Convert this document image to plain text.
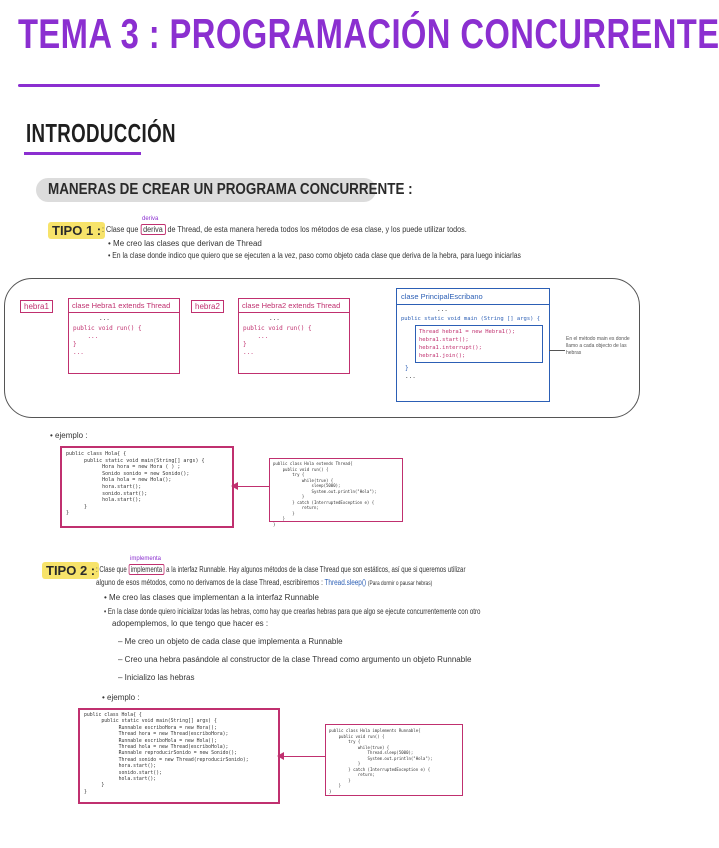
TEMA 3 : PROGRAMACIÓN CONCURRENTE
INTRODUCCIÓN
MANERAS DE CREAR UN PROGRAMA CONCURRENTE :
deriva
TIPO 1 : : Clase que deriva de Thread, de esta manera hereda todos los métodos de esa clase, y los puede utilizar todos.
• Me creo las clases que derivan de Thread
• En la clase donde indico que quiero que se ejecuten a la vez, paso como objeto cada clase que deriva de la hebra, para luego iniciarlas
hebra1	clase Hebra1 extends Thread
...
public void run() {
...
}
...
hebra2	clase Hebra2 extends Thread
...
public void run() {
...
}
...
clase PrincipalEscribano
...
public static void main (String [] args) {
Thread hebra1 = new Hebra1();
hebra1.start();
hebra1.interrupt();
hebra1.join();
}
...
En el método main es donde llamo a cada objecto de las hebras
• ejemplo :
public class Hola{ {
public static void main(String[] args) {
Hora hora = new Hora ( ) ;
Sonido sonido = new Sonido();
Hola hola = new Hola();
hora.start();
sonido.start();
hola.start();
}
}
public class Hola extends Thread{
public void run() {
try {
while(true) {
sleep(5000);
System.out.println("Hola");
}
} catch (InterruptedException e) {
return;
}
}
}
implementa
TIPO 2 : : Clase que implementa a la interfaz Runnable. Hay algunos métodos de la clase Thread que son estáticos, así que si queremos utilizar
alguno de esos métodos, como no derivamos de la clase Thread, escribiremos : Thread.sleep() (Para dormir o pausar hebras)
• Me creo las clases que implementan a la interfaz Runnable
• En la clase donde quiero inicializar todas las hebras, como hay que crearlas hebras para que algo se ejecute concurrentemente con otro
adopemplemos, lo que tengo que hacer es :
– Me creo un objeto de cada clase que implementa a Runnable
– Creo una hebra pasándole al constructor de la clase Thread como argumento un objeto Runnable
– Inicializo las hebras
• ejemplo :
public class Hola{ {
public static void main(String[] args) {
Runnable escriboHora = new Hora();
Thread hora = new Thread(escriboHora);
Runnable escriboHola = new Hola();
Thread hola = new Thread(escriboHola);
Runnable reproducirSonido = new Sonido();
Thread sonido = new Thread(reproducirSonido);
hora.start();
sonido.start();
hola.start();
}
}
public class Hola implements Runnable{
public void run() {
try {
while(true) {
Thread.sleep(5000);
System.out.println("Hola");
}
} catch (InterruptedException e) {
return;
}
}
}
